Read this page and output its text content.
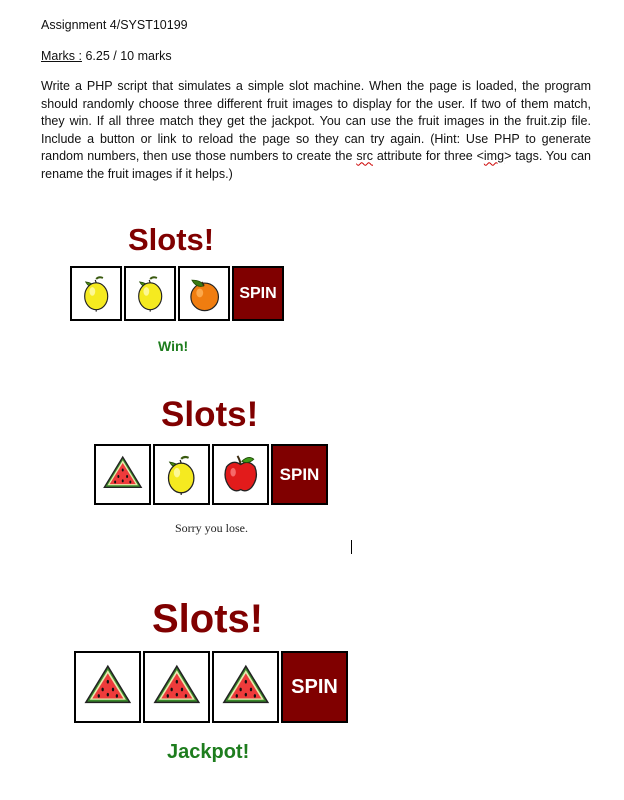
Assignment 4/SYST10199
Marks : 6.25 / 10 marks
Write a PHP script that simulates a simple slot machine. When the page is loaded, the program should randomly choose three different fruit images to display for the user. If two of them match, they win. If all three match they get the jackpot. You can use the fruit images in the fruit.zip file. Include a button or link to reload the page so they can try again. (Hint: Use PHP to generate random numbers, then use those numbers to create the src attribute for three <img> tags. You can rename the fruit images if it helps.)
Slots!
SPIN
Win!
Slots!
SPIN
Sorry you lose.
Slots!
SPIN
Jackpot!
